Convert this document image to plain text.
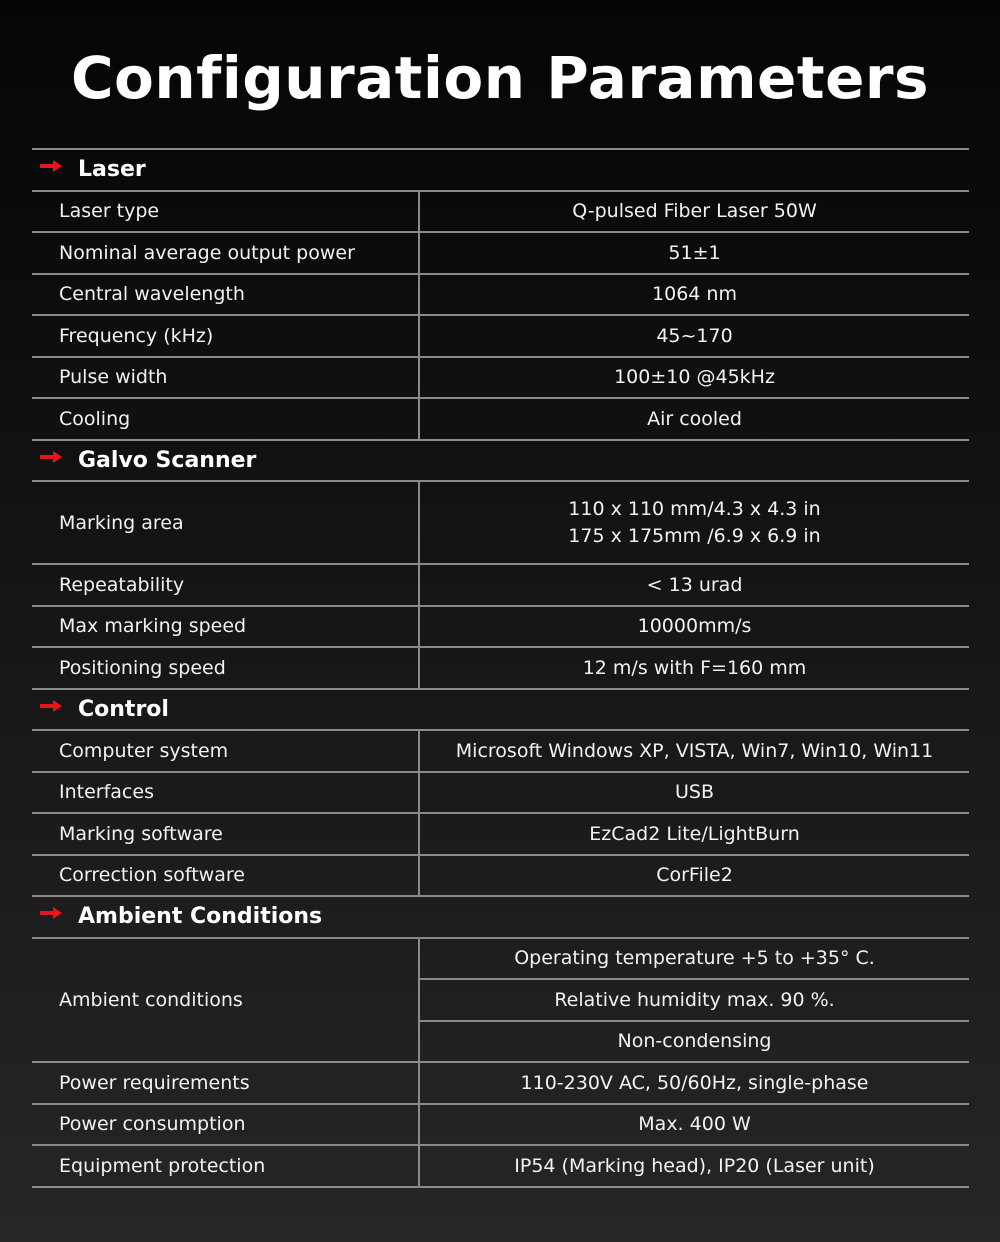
Configuration Parameters
Laser	
Laser type	Q-pulsed Fiber Laser 50W
Nominal average output power	51±1
Central wavelength	1064 nm
Frequency (kHz)	45~170
Pulse width	100±10 @45kHz
Cooling	Air cooled

Galvo Scanner	
Marking area	110 x 110 mm/4.3 x 4.3 in
175 x 175mm /6.9 x 6.9 in

Repeatability	< 13 urad
Max marking speed	10000mm/s
Positioning speed	12 m/s with F=160 mm

Control	
Computer system	Microsoft Windows XP, VISTA, Win7, Win10, Win11
Interfaces	USB
Marking software	EzCad2 Lite/LightBurn
Correction software	CorFile2

Ambient Conditions	
Ambient conditions	Operating temperature +5 to +35° C.
	Relative humidity max. 90 %.
	Non-condensing
Power requirements	110-230V AC, 50/60Hz, single-phase
Power consumption	Max. 400 W
Equipment protection	IP54 (Marking head), IP20 (Laser unit)
